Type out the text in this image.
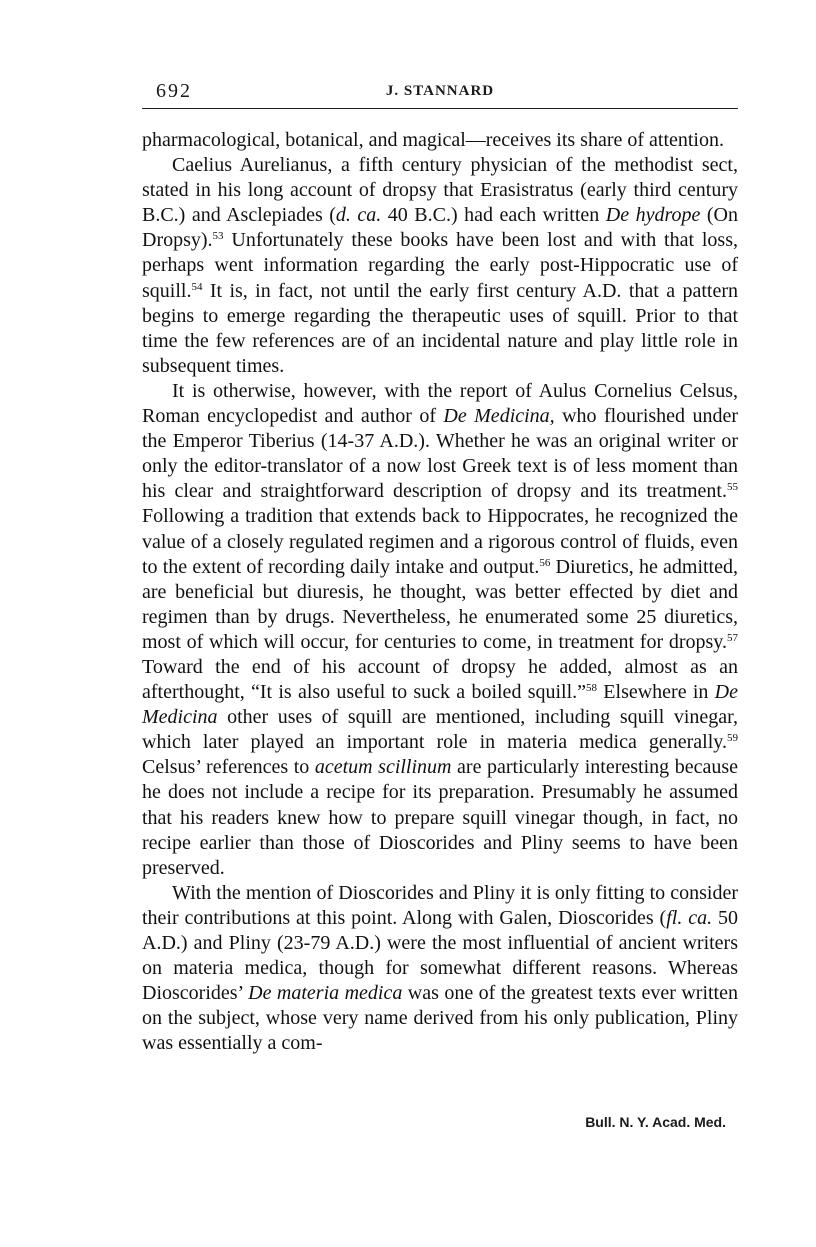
692	J. STANNARD

pharmacological, botanical, and magical—receives its share of attention.

Caelius Aurelianus, a fifth century physician of the methodist sect, stated in his long account of dropsy that Erasistratus (early third century B.C.) and Asclepiades (d. ca. 40 B.C.) had each written De hydrope (On Dropsy).$^{53}$ Unfortunately these books have been lost and with that loss, perhaps went information regarding the early post-Hippocratic use of squill.$^{54}$ It is, in fact, not until the early first century A.D. that a pattern begins to emerge regarding the therapeutic uses of squill. Prior to that time the few references are of an incidental nature and play little role in subsequent times.

It is otherwise, however, with the report of Aulus Cornelius Celsus, Roman encyclopedist and author of De Medicina, who flourished under the Emperor Tiberius (14-37 A.D.). Whether he was an original writer or only the editor-translator of a now lost Greek text is of less moment than his clear and straightforward description of dropsy and its treatment.$^{55}$ Following a tradition that extends back to Hippocrates, he recognized the value of a closely regulated regimen and a rigorous control of fluids, even to the extent of recording daily intake and output.$^{56}$ Diuretics, he admitted, are beneficial but diuresis, he thought, was better effected by diet and regimen than by drugs. Nevertheless, he enumerated some 25 diuretics, most of which will occur, for centuries to come, in treatment for dropsy.$^{57}$ Toward the end of his account of dropsy he added, almost as an afterthought, “It is also useful to suck a boiled squill.”$^{58}$ Elsewhere in De Medicina other uses of squill are mentioned, including squill vinegar, which later played an important role in materia medica generally.$^{59}$ Celsus’ references to acetum scillinum are particularly interesting because he does not include a recipe for its preparation. Presumably he assumed that his readers knew how to prepare squill vinegar though, in fact, no recipe earlier than those of Dioscorides and Pliny seems to have been preserved.

With the mention of Dioscorides and Pliny it is only fitting to consider their contributions at this point. Along with Galen, Dioscorides (fl. ca. 50 A.D.) and Pliny (23-79 A.D.) were the most influential of ancient writers on materia medica, though for somewhat different reasons. Whereas Dioscorides’ De materia medica was one of the greatest texts ever written on the subject, whose very name derived from his only publication, Pliny was essentially a com-

Bull. N. Y. Acad. Med.
